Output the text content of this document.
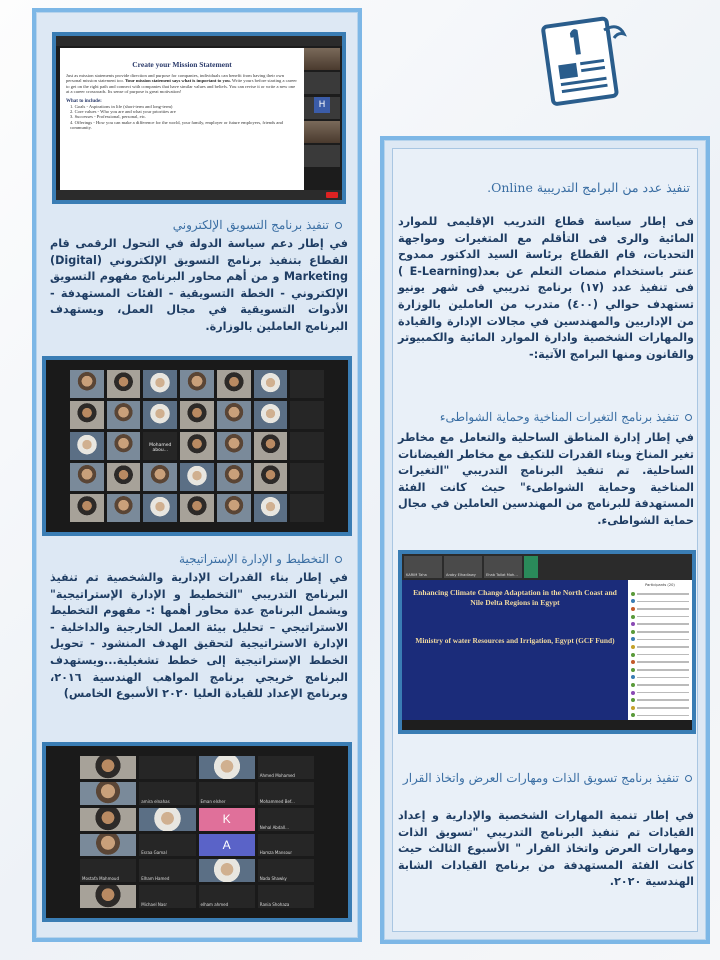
Create your Mission Statement
Just as mission statements provide direction and purpose for companies, individuals can benefit from having their own personal mission statement too. Your mission statement says what is important to you. Write yours before starting a career to get on the right path and connect with companies that have similar values and beliefs. You can revise it or write a new one at a career crossroads. Its sense of purpose is great motivation!
What to include:
1. Goals - Aspirations in life (short-term and long-term)
2. Core values - Who you are and what your priorities are
3. Successes - Professional, personal, etc.
4. Offerings - How you can make a difference for the world, your family, employer or future employers, friends and community.
H
تنفيذ برنامج التسويق الإلكتروني
في إطار دعم سياسة الدولة في التحول الرقمى قام القطاع بتنفيذ برنامج التسويق الإلكتروني (Digital) Marketing و من أهم محاور البرنامج مفهوم التسويق الإلكتروني - الخطة التسويقية - الفئات المستهدفة - الأدوات التسويقية في مجال العمل، ويستهدف البرنامج العاملين بالوزارة.
Mohamed abou...
التخطيط و الإدارة الإستراتيجية
في إطار بناء القدرات الإدارية والشخصية تم تنفيذ البرنامج التدريبي "التخطيط و الإدارة الإستراتيجية" ويشمل البرنامج عدة محاور أهمها :- مفهوم التخطيط الاستراتيجي – تحليل بيئة العمل الخارجية والداخلية - الإدارة الاستراتيجية لتحقيق الهدف المنشود - تحويل الخطط الإستراتيجية إلى خطط تشغيلية...ويستهدف البرنامج خريجي برنامج المواهب الهندسية ٢٠١٦، وبرنامج الإعداد للقيادة العليا ٢٠٢٠ الأسبوع الخامس)
Ahmed Mohamed
amira elnahas	Eman elsher	Mohammed Bef...
K
Nehal Abdall...
Esraa Gamal
A
Hamza Mansour
Mostafa Mahmoud	Elham Hamed	Nada Shawky
Michael Nasr	elham ahmed	Rania Shohaza
تنفيذ عدد من البرامج التدريبية Online.
فى إطار سياسة قطاع التدريب الإقليمى للموارد المائية والرى فى التأقلم مع المتغيرات ومواجهة التحديات، قام القطاع برئاسة السيد الدكتور ممدوح عنتر باستخدام منصات التعلم عن بعد(E-Learning ) فى تنفيذ عدد (١٧) برنامج تدريبي فى شهر يونيو تستهدف حوالي (٤٠٠) متدرب من العاملين بالوزارة من الإداريين والمهندسين في مجالات الإدارة والقيادة والمهارات الشخصية وادارة الموارد المائية والكمبيوتر والقانون ومنها البرامج الآتية:-
تنفيذ برنامج التغيرات المناخية وحماية الشواطىء
في إطار إدارة المناطق الساحلية والتعامل مع مخاطر تغير المناخ وبناء القدرات للتكيف مع مخاطر الفيضانات الساحلية. تم تنفيذ البرنامج التدريبي "التغيرات المناخية وحماية الشواطىء" حيث كانت الفئة المستهدفة للبرنامج من المهندسين العاملين في مجال حماية الشواطىء.
KARIM Taha	Aroby Elhadlawy	Ehab Tallat Moh...
Enhancing Climate Change Adaptation in the North Coast and Nile Delta Regions in Egypt
Ministry of water Resources and Irrigation, Egypt (GCF Fund)
Participants (20)
تنفيذ برنامج تسويق الذات ومهارات العرض واتخاذ القرار
في إطار تنمية المهارات الشخصية والإدارية و إعداد القيادات تم تنفيذ البرنامج التدريبي "تسويق الذات ومهارات العرض واتخاذ القرار " الأسبوع الثالث حيث كانت الفئة المستهدفة من برنامج القيادات الشابة الهندسية ٢٠٢٠.
